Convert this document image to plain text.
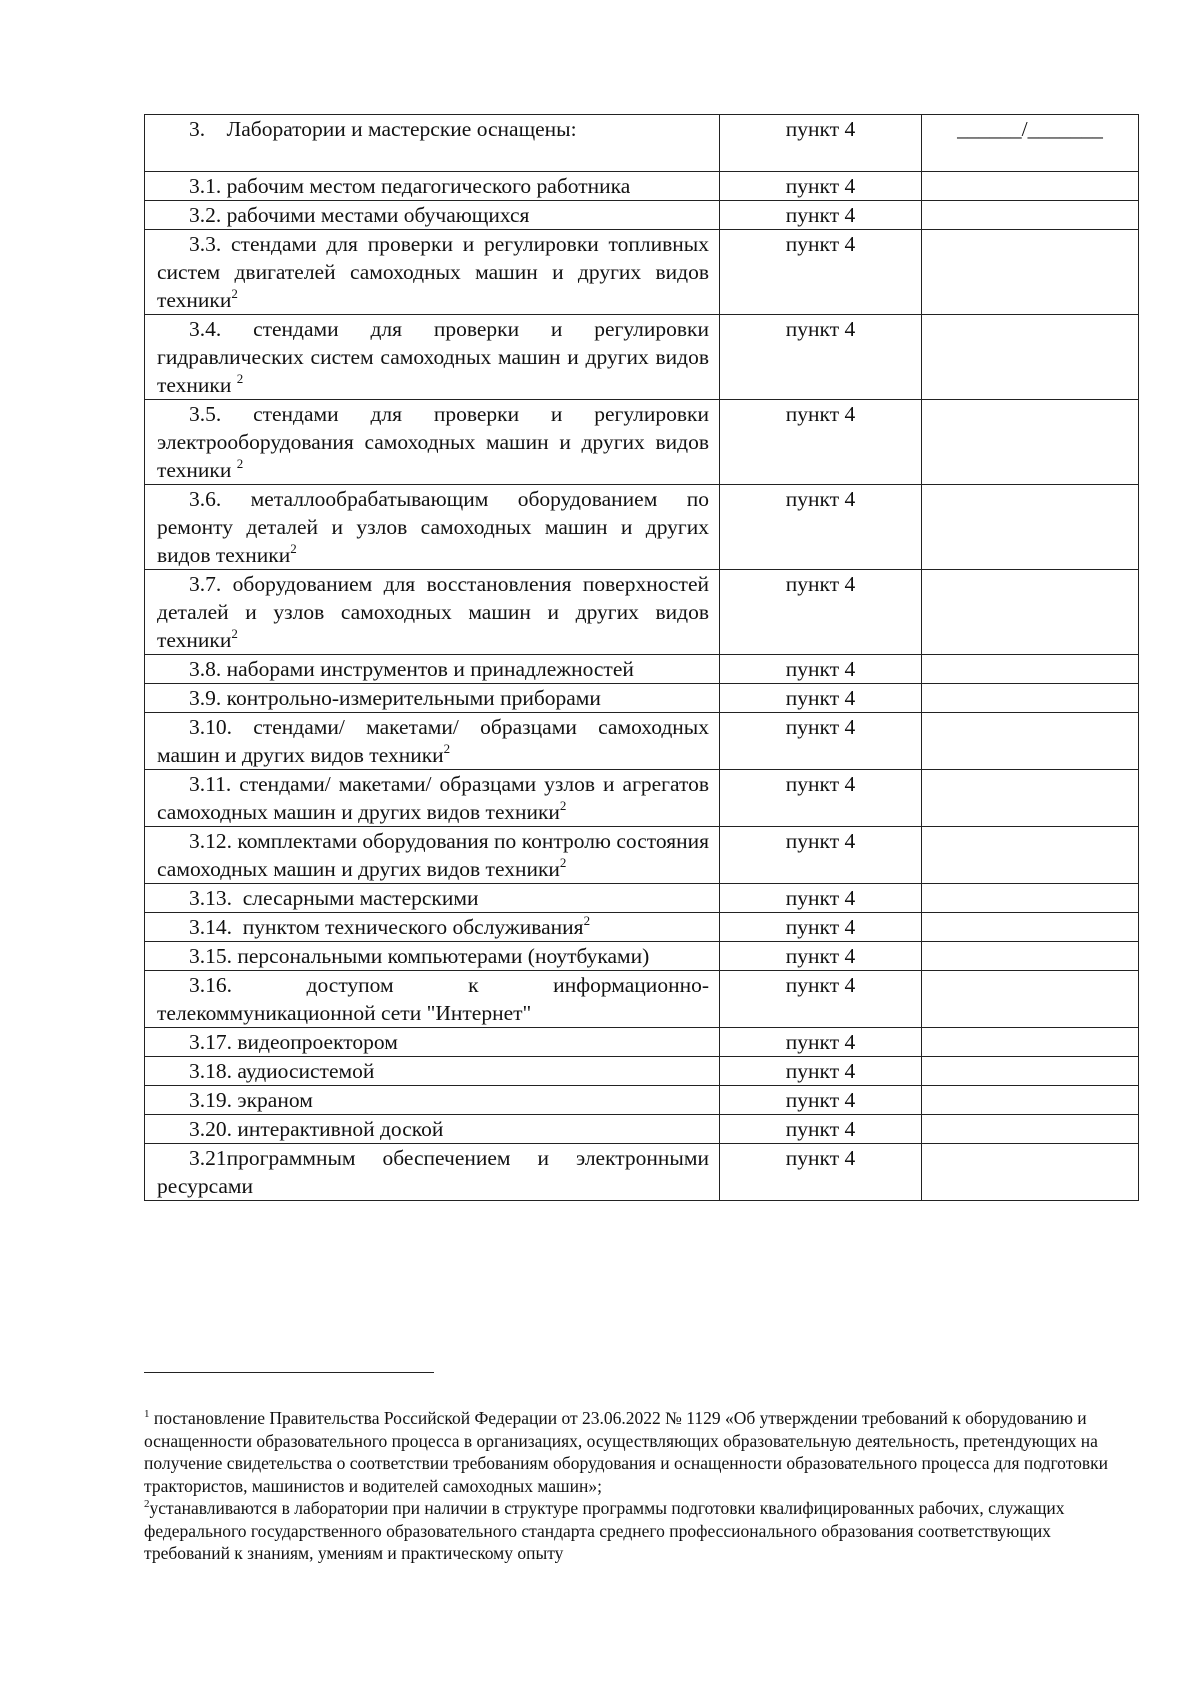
3. Лаборатории и мастерские оснащены:	пункт 4	______/_______

3.1. рабочим местом педагогического работника	пункт 4	

3.2. рабочими местами обучающихся	пункт 4	

3.3. стендами для проверки и регулировки топливных систем двигателей самоходных машин и других видов техники$^2$	пункт 4	

3.4. стендами для проверки и регулировки гидравлических систем самоходных машин и других видов техники $^2$	пункт 4	

3.5. стендами для проверки и регулировки электрооборудования самоходных машин и других видов техники $^2$	пункт 4	

3.6. металлообрабатывающим оборудованием по ремонту деталей и узлов самоходных машин и других видов техники$^2$	пункт 4	

3.7. оборудованием для восстановления поверхностей деталей и узлов самоходных машин и других видов техники$^2$	пункт 4	

3.8. наборами инструментов и принадлежностей	пункт 4	

3.9. контрольно-измерительными приборами	пункт 4	

3.10. стендами/ макетами/ образцами самоходных машин и других видов техники$^2$	пункт 4	

3.11. стендами/ макетами/ образцами узлов и агрегатов самоходных машин и других видов техники$^2$	пункт 4	

3.12. комплектами оборудования по контролю состояния самоходных машин и других видов техники$^2$	пункт 4	

3.13. слесарными мастерскими	пункт 4	

3.14. пунктом технического обслуживания$^2$	пункт 4	

3.15. персональными компьютерами (ноутбуками)	пункт 4	

3.16. доступом к информационно-телекоммуникационной сети "Интернет"	пункт 4	

3.17. видеопроектором	пункт 4	

3.18. аудиосистемой	пункт 4	

3.19. экраном	пункт 4	

3.20. интерактивной доской	пункт 4	

3.21программным обеспечением и электронными ресурсами	пункт 4	

$^1$ постановление Правительства Российской Федерации от 23.06.2022 № 1129 «Об утверждении требований к оборудованию и оснащенности образовательного процесса в организациях, осуществляющих образовательную деятельность, претендующих на получение свидетельства о соответствии требованиям оборудования и оснащенности образовательного процесса для подготовки трактористов, машинистов и водителей самоходных машин»;

$^2$устанавливаются в лаборатории при наличии в структуре программы подготовки квалифицированных рабочих, служащих федерального государственного образовательного стандарта среднего профессионального образования соответствующих требований к знаниям, умениям и практическому опыту
